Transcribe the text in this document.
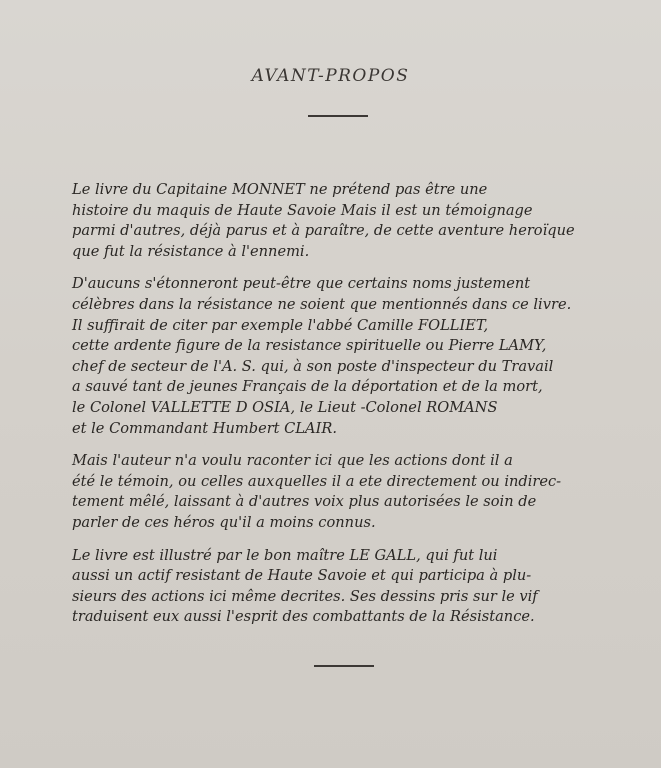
AVANT-PROPOS

Le livre du Capitaine MONNET ne prétend pas être une
histoire du maquis de Haute Savoie Mais il est un témoignage
parmi d'autres, déjà parus et à paraître, de cette aventure heroïque
que fut la résistance à l'ennemi.

D'aucuns s'étonneront peut-être que certains noms justement
célèbres dans la résistance ne soient que mentionnés dans ce livre.
Il suffirait de citer par exemple l'abbé Camille FOLLIET,
cette ardente figure de la resistance spirituelle ou Pierre LAMY,
chef de secteur de l'A. S. qui, à son poste d'inspecteur du Travail
a sauvé tant de jeunes Français de la déportation et de la mort,
le Colonel VALLETTE D OSIA, le Lieut -Colonel ROMANS
et le Commandant Humbert CLAIR.

Mais l'auteur n'a voulu raconter ici que les actions dont il a
été le témoin, ou celles auxquelles il a ete directement ou indirec-
tement mêlé, laissant à d'autres voix plus autorisées le soin de
parler de ces héros qu'il a moins connus.

Le livre est illustré par le bon maître LE GALL, qui fut lui
aussi un actif resistant de Haute Savoie et qui participa à plu-
sieurs des actions ici même decrites. Ses dessins pris sur le vif
traduisent eux aussi l'esprit des combattants de la Résistance.
